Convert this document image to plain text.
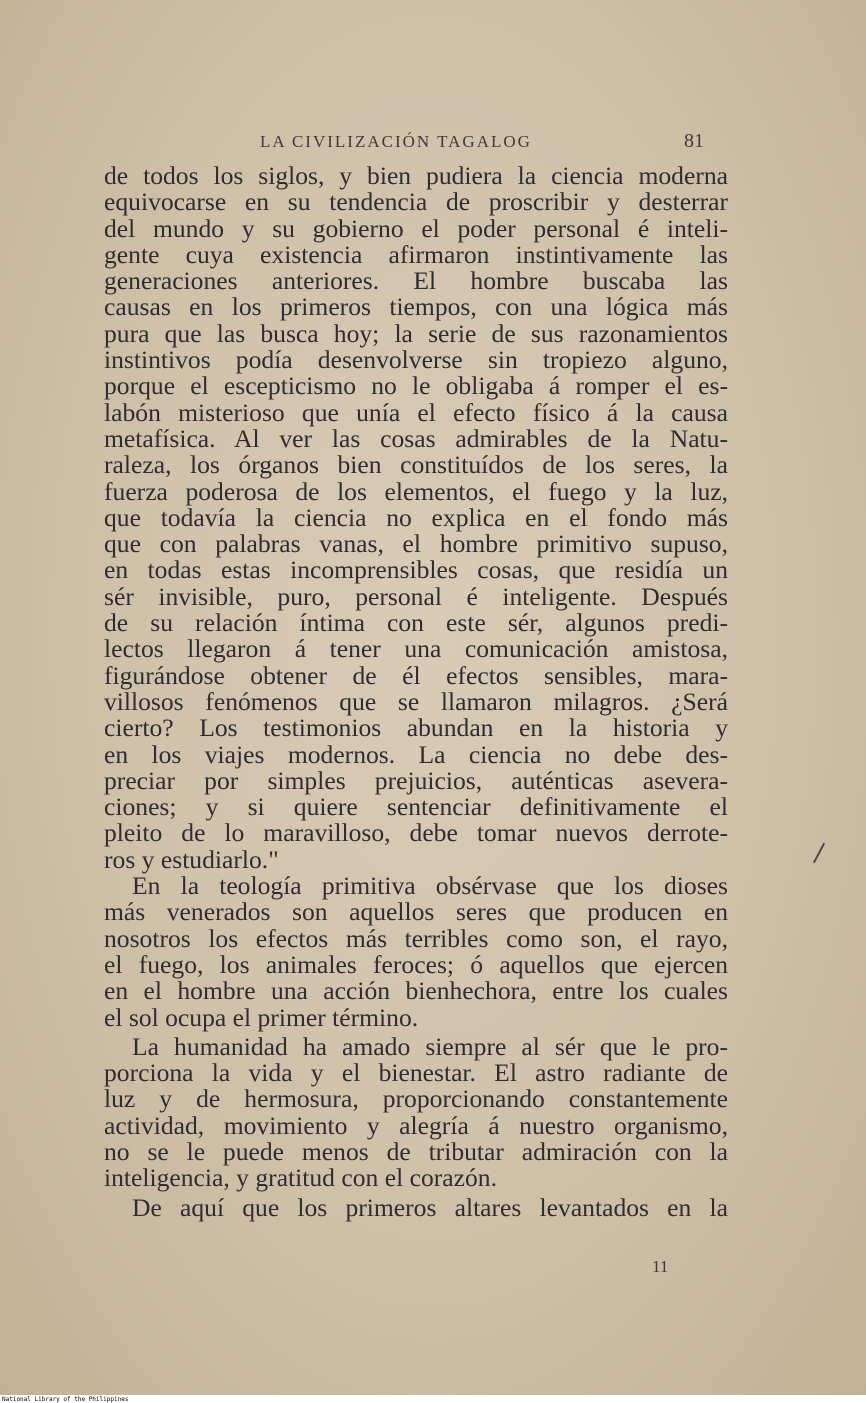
LA CIVILIZACIÓN TAGALOG	81
de todos los siglos, y bien pudiera la ciencia moderna
equivocarse en su tendencia de proscribir y desterrar
del mundo y su gobierno el poder personal é inteli-
gente cuya existencia afirmaron instintivamente las
generaciones anteriores. El hombre buscaba las
causas en los primeros tiempos, con una lógica más
pura que las busca hoy; la serie de sus razonamientos
instintivos podía desenvolverse sin tropiezo alguno,
porque el escepticismo no le obligaba á romper el es-
labón misterioso que unía el efecto físico á la causa
metafísica. Al ver las cosas admirables de la Natu-
raleza, los órganos bien constituídos de los seres, la
fuerza poderosa de los elementos, el fuego y la luz,
que todavía la ciencia no explica en el fondo más
que con palabras vanas, el hombre primitivo supuso,
en todas estas incomprensibles cosas, que residía un
sér invisible, puro, personal é inteligente. Después
de su relación íntima con este sér, algunos predi-
lectos llegaron á tener una comunicación amistosa,
figurándose obtener de él efectos sensibles, mara-
villosos fenómenos que se llamaron milagros. ¿Será
cierto? Los testimonios abundan en la historia y
en los viajes modernos. La ciencia no debe des-
preciar por simples prejuicios, auténticas asevera-
ciones; y si quiere sentenciar definitivamente el
pleito de lo maravilloso, debe tomar nuevos derrote-
ros y estudiarlo."
En la teología primitiva obsérvase que los dioses
más venerados son aquellos seres que producen en
nosotros los efectos más terribles como son, el rayo,
el fuego, los animales feroces; ó aquellos que ejercen
en el hombre una acción bienhechora, entre los cuales
el sol ocupa el primer término.
La humanidad ha amado siempre al sér que le pro-
porciona la vida y el bienestar. El astro radiante de
luz y de hermosura, proporcionando constantemente
actividad, movimiento y alegría á nuestro organismo,
no se le puede menos de tributar admiración con la
inteligencia, y gratitud con el corazón.
De aquí que los primeros altares levantados en la
11
National Library of the Philippines
